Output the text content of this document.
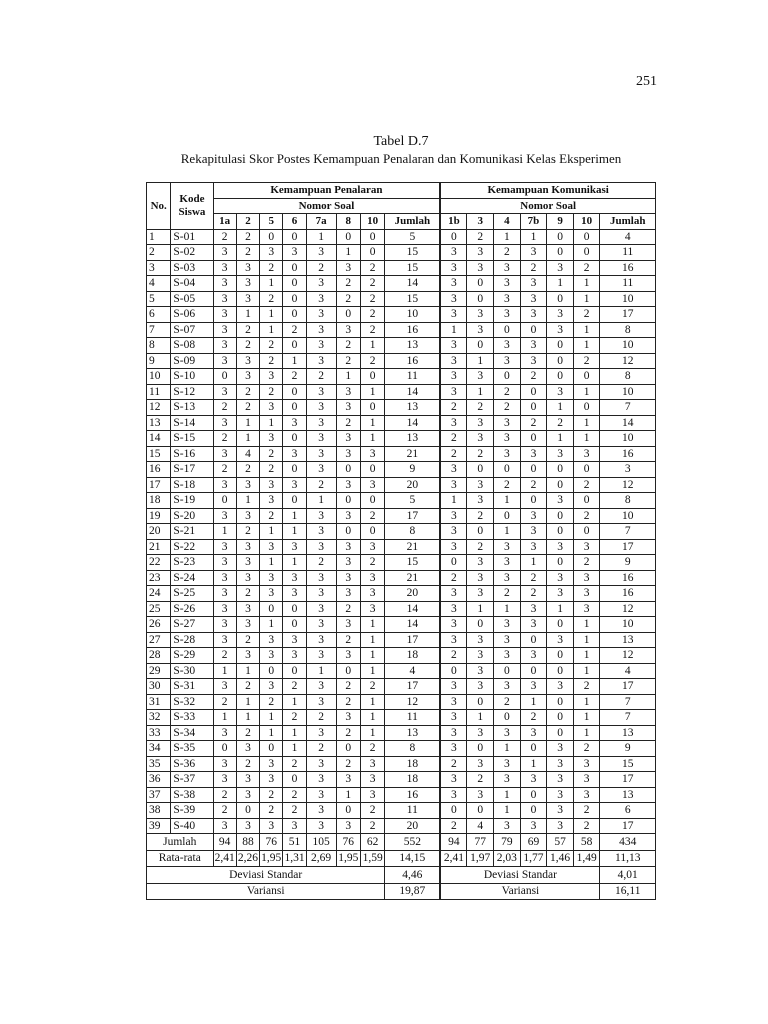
251
Tabel D.7
Rekapitulasi Skor Postes Kemampuan Penalaran dan Komunikasi Kelas Eksperimen
No.	Kode Siswa	Kemampuan Penalaran								Kemampuan Komunikasi						
		Nomor Soal								Nomor Soal						
		1a	2	5	6	7a	8	10	Jumlah	1b	3	4	7b	9	10	Jumlah
1	S-01	2	2	0	0	1	0	0	5	0	2	1	1	0	0	4
2	S-02	3	2	3	3	3	1	0	15	3	3	2	3	0	0	11
3	S-03	3	3	2	0	2	3	2	15	3	3	3	2	3	2	16
4	S-04	3	3	1	0	3	2	2	14	3	0	3	3	1	1	11
5	S-05	3	3	2	0	3	2	2	15	3	0	3	3	0	1	10
6	S-06	3	1	1	0	3	0	2	10	3	3	3	3	3	2	17
7	S-07	3	2	1	2	3	3	2	16	1	3	0	0	3	1	8
8	S-08	3	2	2	0	3	2	1	13	3	0	3	3	0	1	10
9	S-09	3	3	2	1	3	2	2	16	3	1	3	3	0	2	12
10	S-10	0	3	3	2	2	1	0	11	3	3	0	2	0	0	8
11	S-12	3	2	2	0	3	3	1	14	3	1	2	0	3	1	10
12	S-13	2	2	3	0	3	3	0	13	2	2	2	0	1	0	7
13	S-14	3	1	1	3	3	2	1	14	3	3	3	2	2	1	14
14	S-15	2	1	3	0	3	3	1	13	2	3	3	0	1	1	10
15	S-16	3	4	2	3	3	3	3	21	2	2	3	3	3	3	16
16	S-17	2	2	2	0	3	0	0	9	3	0	0	0	0	0	3
17	S-18	3	3	3	3	2	3	3	20	3	3	2	2	0	2	12
18	S-19	0	1	3	0	1	0	0	5	1	3	1	0	3	0	8
19	S-20	3	3	2	1	3	3	2	17	3	2	0	3	0	2	10
20	S-21	1	2	1	1	3	0	0	8	3	0	1	3	0	0	7
21	S-22	3	3	3	3	3	3	3	21	3	2	3	3	3	3	17
22	S-23	3	3	1	1	2	3	2	15	0	3	3	1	0	2	9
23	S-24	3	3	3	3	3	3	3	21	2	3	3	2	3	3	16
24	S-25	3	2	3	3	3	3	3	20	3	3	2	2	3	3	16
25	S-26	3	3	0	0	3	2	3	14	3	1	1	3	1	3	12
26	S-27	3	3	1	0	3	3	1	14	3	0	3	3	0	1	10
27	S-28	3	2	3	3	3	2	1	17	3	3	3	0	3	1	13
28	S-29	2	3	3	3	3	3	1	18	2	3	3	3	0	1	12
29	S-30	1	1	0	0	1	0	1	4	0	3	0	0	0	1	4
30	S-31	3	2	3	2	3	2	2	17	3	3	3	3	3	2	17
31	S-32	2	1	2	1	3	2	1	12	3	0	2	1	0	1	7
32	S-33	1	1	1	2	2	3	1	11	3	1	0	2	0	1	7
33	S-34	3	2	1	1	3	2	1	13	3	3	3	3	0	1	13
34	S-35	0	3	0	1	2	0	2	8	3	0	1	0	3	2	9
35	S-36	3	2	3	2	3	2	3	18	2	3	3	1	3	3	15
36	S-37	3	3	3	0	3	3	3	18	3	2	3	3	3	3	17
37	S-38	2	3	2	2	3	1	3	16	3	3	1	0	3	3	13
38	S-39	2	0	2	2	3	0	2	11	0	0	1	0	3	2	6
39	S-40	3	3	3	3	3	3	2	20	2	4	3	3	3	2	17
Jumlah		94	88	76	51	105	76	62	552	94	77	79	69	57	58	434
Rata-rata		2,41	2,26	1,95	1,31	2,69	1,95	1,59	14,15	2,41	1,97	2,03	1,77	1,46	1,49	11,13
Deviasi Standar									4,46	Deviasi Standar						4,01
Variansi									19,87	Variansi						16,11
